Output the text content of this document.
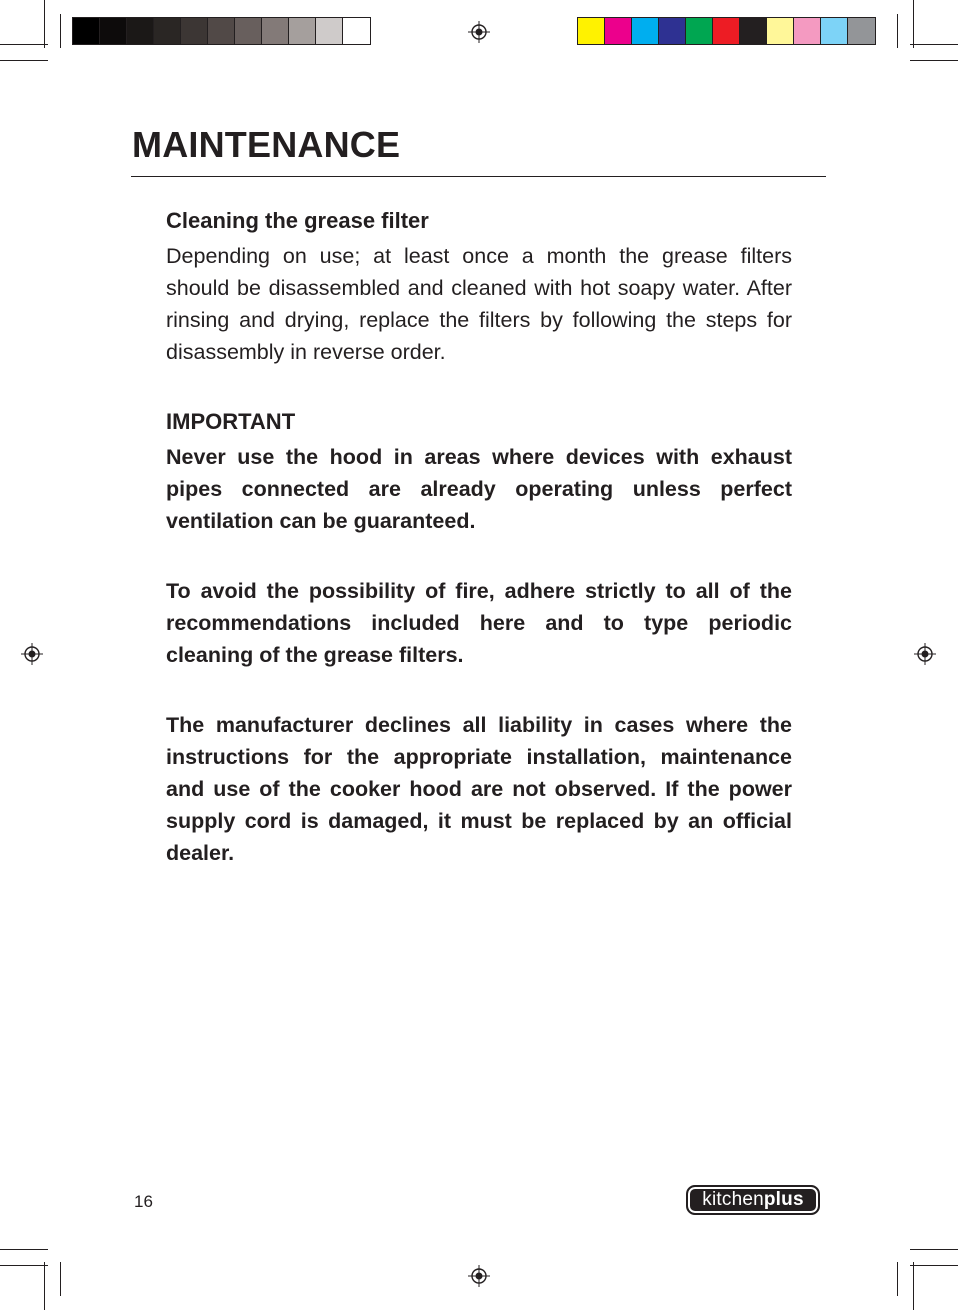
MAINTENANCE

Cleaning the grease filter

Depending on use; at least once a month the grease filters should be disassembled and cleaned with hot soapy water. After rinsing and drying, replace the filters by following the steps for disassembly in reverse order.

IMPORTANT

Never use the hood in areas where devices with exhaust pipes connected are already operating unless perfect ventilation can be guaranteed.

To avoid the possibility of fire, adhere strictly to all of the recommendations included here and to type periodic cleaning of the grease filters.

The manufacturer declines all liability in cases where the instructions for the appropriate installation, maintenance and use of the cooker hood are not observed. If the power supply cord is damaged, it must be replaced by an official dealer.

16	kitchen plus
